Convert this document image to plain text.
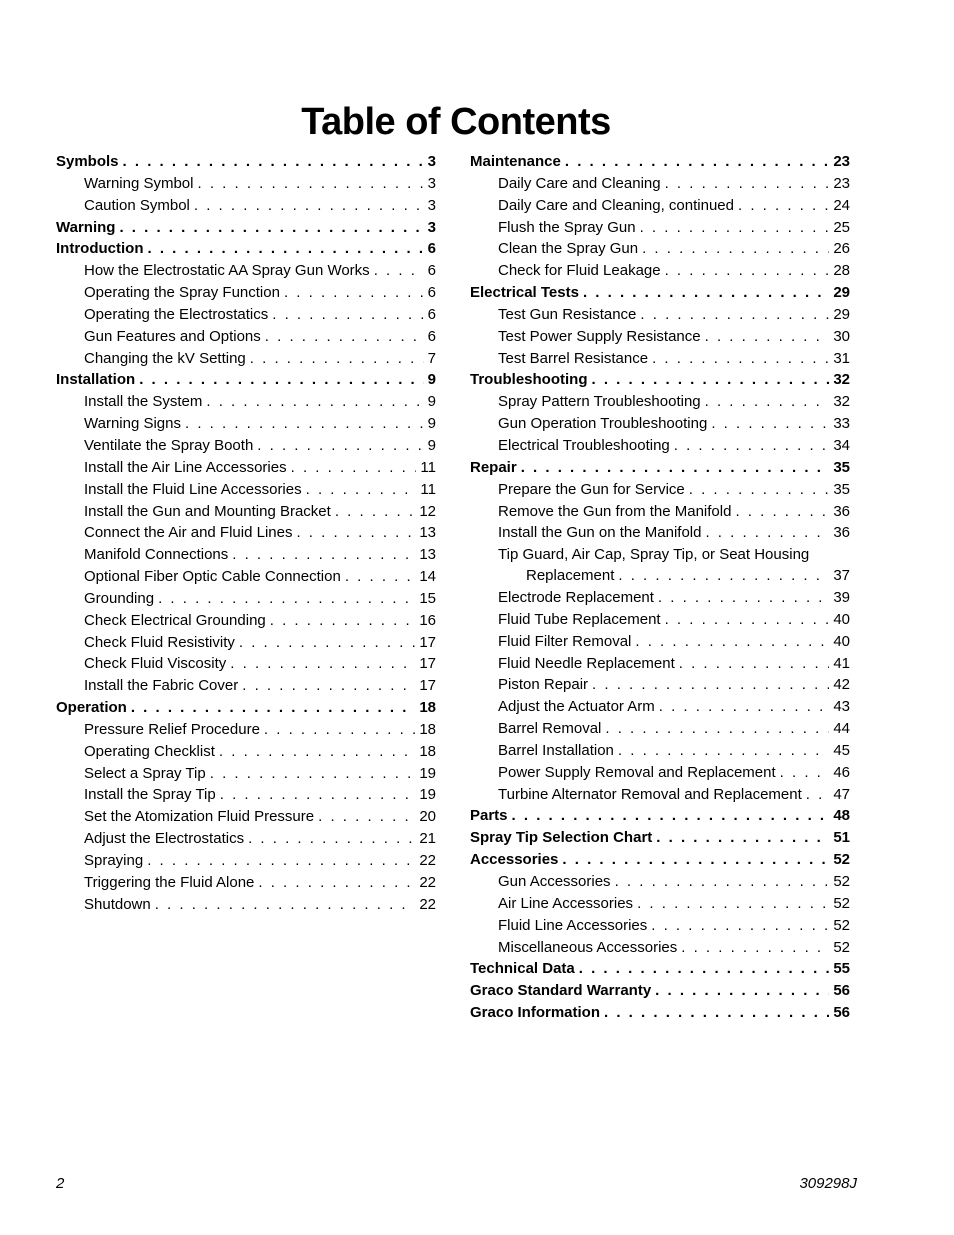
Table of Contents
Symbols . . .	3
Warning Symbol . . .	3
Caution Symbol . . .	3
Warning . . .	3
Introduction . . .	6
How the Electrostatic AA Spray Gun Works . . .	6
Operating the Spray Function . . .	6
Operating the Electrostatics . . .	6
Gun Features and Options . . .	6
Changing the kV Setting . . .	7
Installation . . .	9
Install the System . . .	9
Warning Signs . . .	9
Ventilate the Spray Booth . . .	9
Install the Air Line Accessories . . .	11
Install the Fluid Line Accessories . . .	11
Install the Gun and Mounting Bracket . . .	12
Connect the Air and Fluid Lines . . .	13
Manifold Connections . . .	13
Optional Fiber Optic Cable Connection . . .	14
Grounding . . .	15
Check Electrical Grounding . . .	16
Check Fluid Resistivity . . .	17
Check Fluid Viscosity . . .	17
Install the Fabric Cover . . .	17
Operation . . .	18
Pressure Relief Procedure . . .	18
Operating Checklist . . .	18
Select a Spray Tip . . .	19
Install the Spray Tip . . .	19
Set the Atomization Fluid Pressure . . .	20
Adjust the Electrostatics . . .	21
Spraying . . .	22
Triggering the Fluid Alone . . .	22
Shutdown . . .	22
Maintenance . . .	23
Daily Care and Cleaning . . .	23
Daily Care and Cleaning, continued . . .	24
Flush the Spray Gun . . .	25
Clean the Spray Gun . . .	26
Check for Fluid Leakage . . .	28
Electrical Tests . . .	29
Test Gun Resistance . . .	29
Test Power Supply Resistance . . .	30
Test Barrel Resistance . . .	31
Troubleshooting . . .	32
Spray Pattern Troubleshooting . . .	32
Gun Operation Troubleshooting . . .	33
Electrical Troubleshooting . . .	34
Repair . . .	35
Prepare the Gun for Service . . .	35
Remove the Gun from the Manifold . . .	36
Install the Gun on the Manifold . . .	36
Tip Guard, Air Cap, Spray Tip, or Seat Housing
Replacement . . .	37
Electrode Replacement . . .	39
Fluid Tube Replacement . . .	40
Fluid Filter Removal . . .	40
Fluid Needle Replacement . . .	41
Piston Repair . . .	42
Adjust the Actuator Arm . . .	43
Barrel Removal . . .	44
Barrel Installation . . .	45
Power Supply Removal and Replacement . . .	46
Turbine Alternator Removal and Replacement . . . 47
Parts . . .	48
Spray Tip Selection Chart . . .	51
Accessories . . .	52
Gun Accessories . . .	52
Air Line Accessories . . .	52
Fluid Line Accessories . . .	52
Miscellaneous Accessories . . .	52
Technical Data . . .	55
Graco Standard Warranty . . .	56
Graco Information . . .	56
2	309298J
